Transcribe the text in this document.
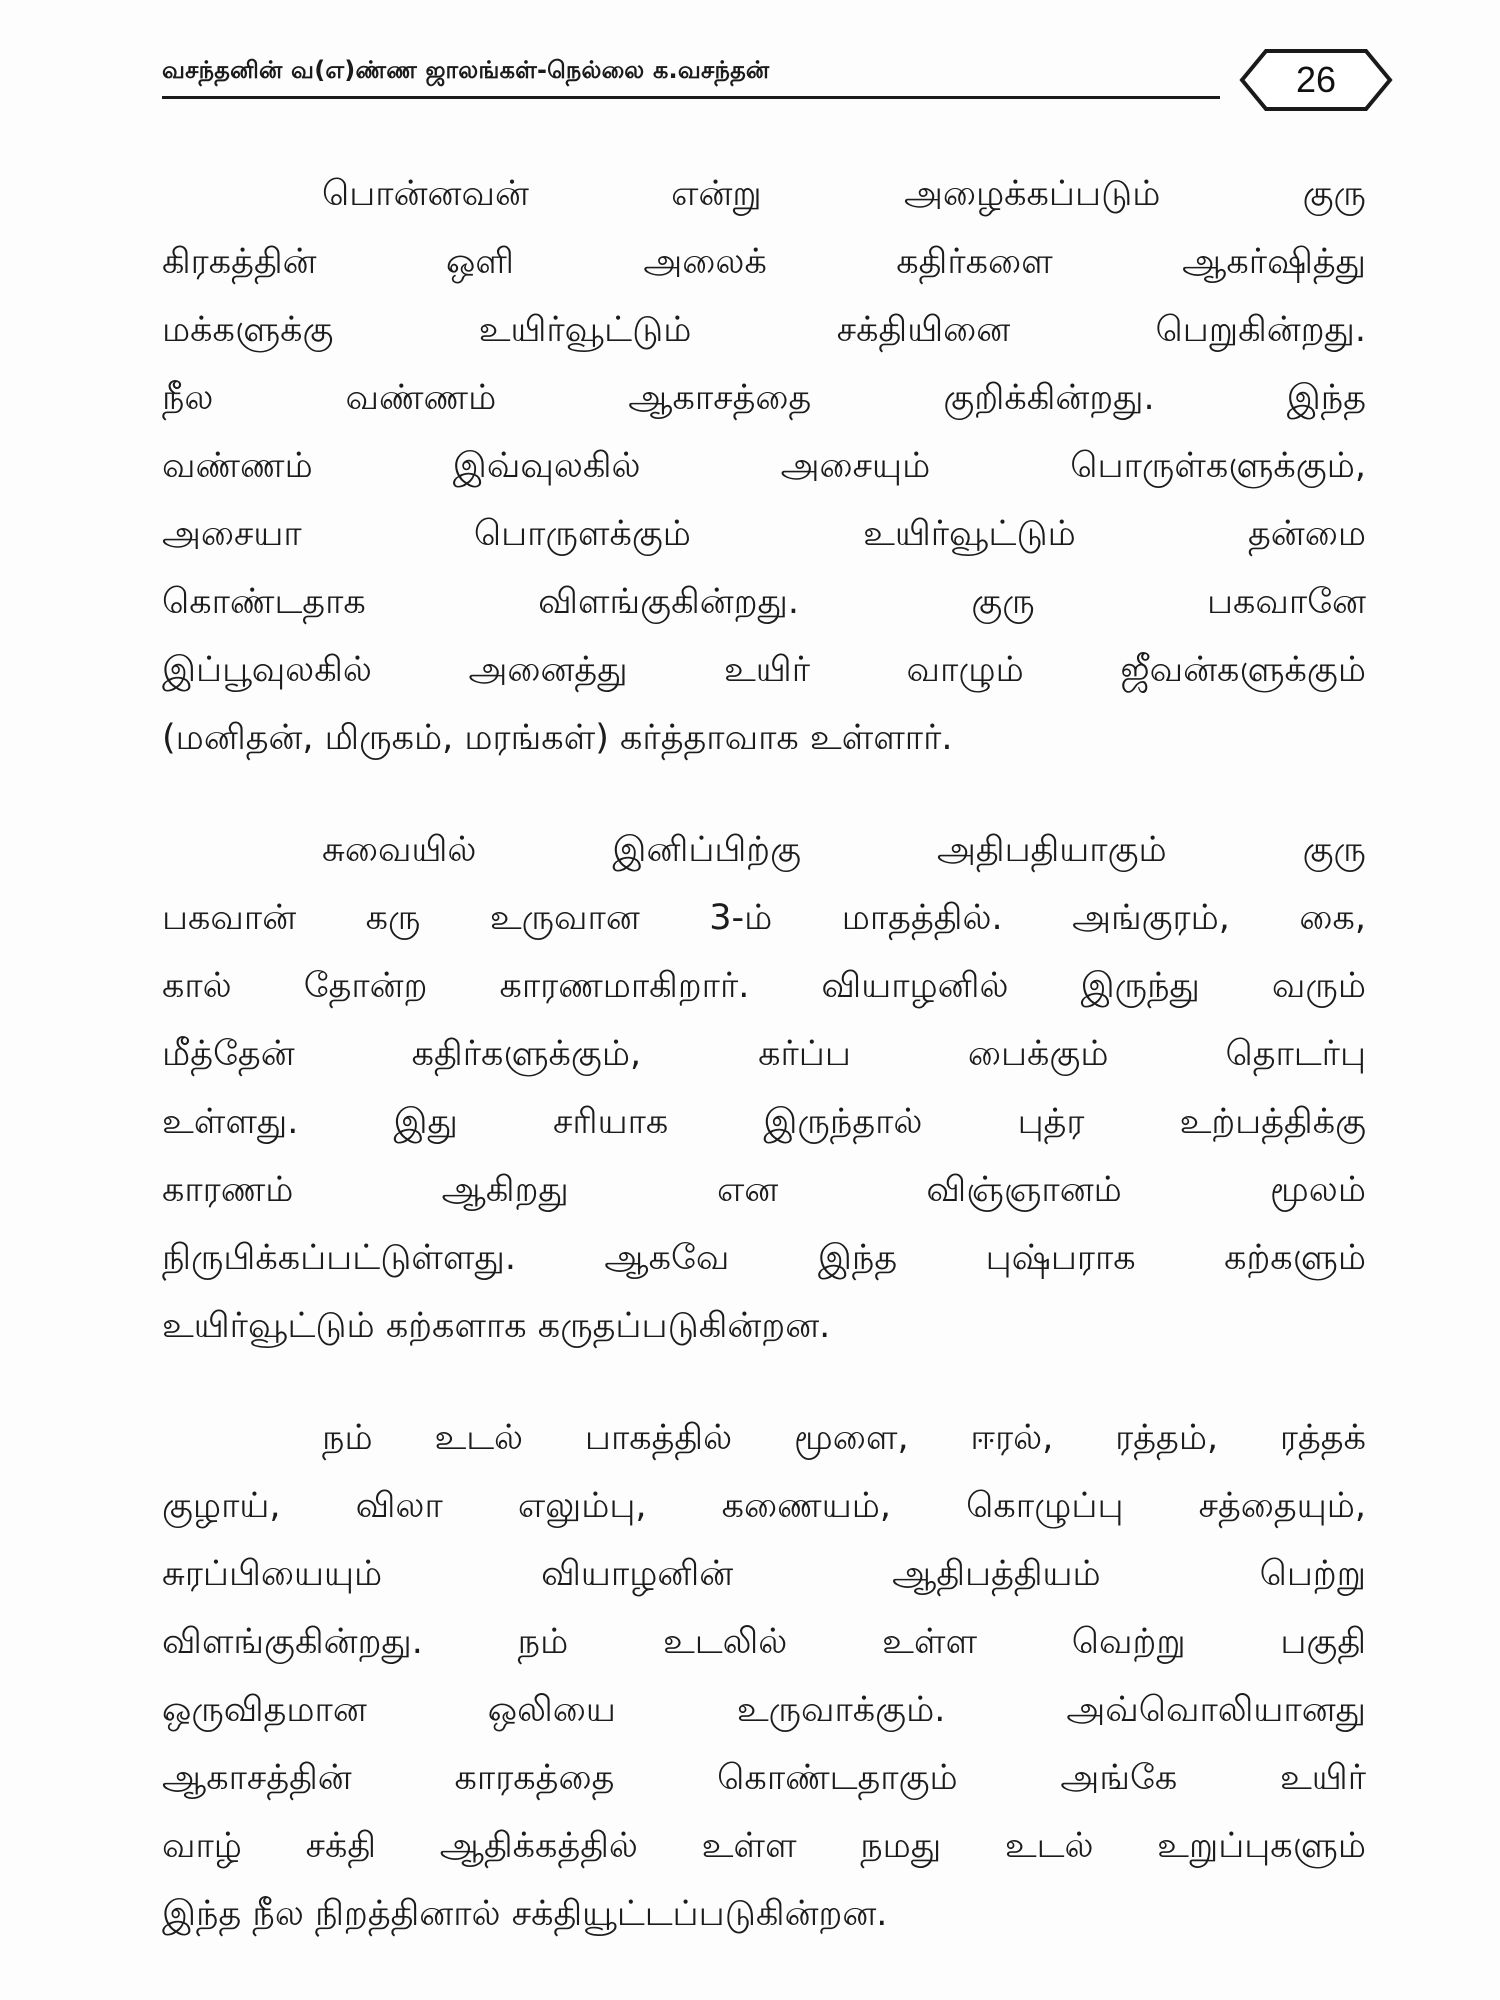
வசந்தனின் வ(எ)ண்ண ஜாலங்கள்-நெல்லை க.வசந்தன்	26
பொன்னவன் என்று அழைக்கப்படும் குரு
கிரகத்தின் ஒளி அலைக் கதிர்களை ஆகர்ஷித்து
மக்களுக்கு உயிர்வூட்டும் சக்தியினை பெறுகின்றது.
நீல வண்ணம் ஆகாசத்தை குறிக்கின்றது. இந்த
வண்ணம் இவ்வுலகில் அசையும் பொருள்களுக்கும்,
அசையா பொருளக்கும் உயிர்வூட்டும் தன்மை
கொண்டதாக விளங்குகின்றது. குரு பகவானே
இப்பூவுலகில் அனைத்து உயிர் வாழும் ஜீவன்களுக்கும்
(மனிதன், மிருகம், மரங்கள்) கர்த்தாவாக உள்ளார்.
சுவையில் இனிப்பிற்கு அதிபதியாகும் குரு
பகவான் கரு உருவான 3-ம் மாதத்தில். அங்குரம், கை,
கால் தோன்ற காரணமாகிறார். வியாழனில் இருந்து வரும்
மீத்தேன் கதிர்களுக்கும், கர்ப்ப பைக்கும் தொடர்பு
உள்ளது. இது சரியாக இருந்தால் புத்ர உற்பத்திக்கு
காரணம் ஆகிறது என விஞ்ஞானம் மூலம்
நிருபிக்கப்பட்டுள்ளது. ஆகவே இந்த புஷ்பராக கற்களும்
உயிர்வூட்டும் கற்களாக கருதப்படுகின்றன.
நம் உடல் பாகத்தில் மூளை, ஈரல், ரத்தம், ரத்தக்
குழாய், விலா எலும்பு, கணையம், கொழுப்பு சத்தையும்,
சுரப்பியையும் வியாழனின் ஆதிபத்தியம் பெற்று
விளங்குகின்றது. நம் உடலில் உள்ள வெற்று பகுதி
ஒருவிதமான ஒலியை உருவாக்கும். அவ்வொலியானது
ஆகாசத்தின் காரகத்தை கொண்டதாகும் அங்கே உயிர்
வாழ் சக்தி ஆதிக்கத்தில் உள்ள நமது உடல் உறுப்புகளும்
இந்த நீல நிறத்தினால் சக்தியூட்டப்படுகின்றன.
